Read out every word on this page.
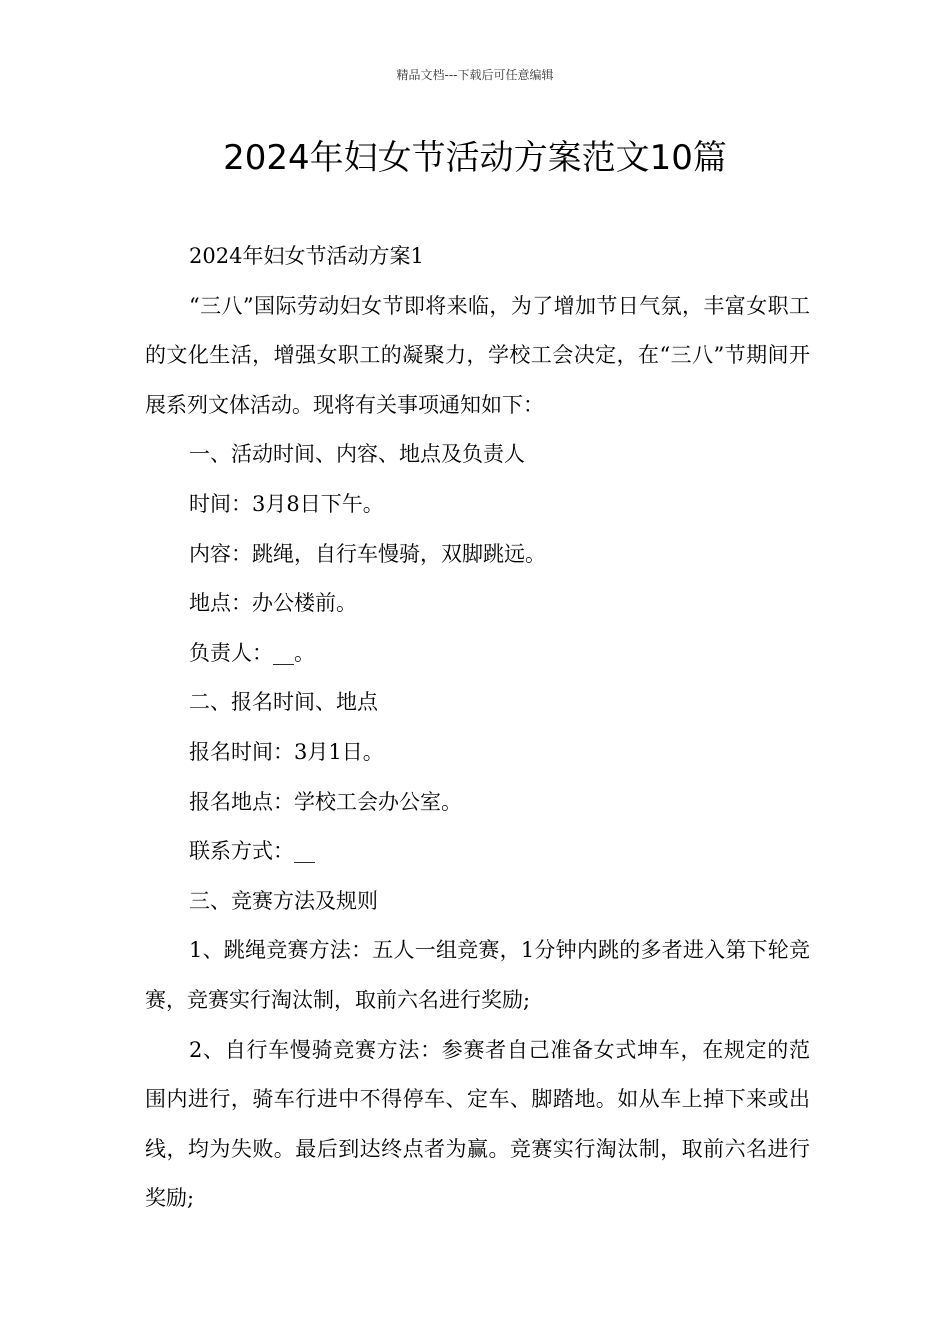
精品文档---下载后可任意编辑
2024年妇女节活动方案范文10篇

2024年妇女节活动方案1

“三八”国际劳动妇女节即将来临，为了增加节日气氛，丰富女职工的文化生活，增强女职工的凝聚力，学校工会决定，在“三八”节期间开展系列文体活动。现将有关事项通知如下：

一、活动时间、内容、地点及负责人

时间：3月8日下午。

内容：跳绳，自行车慢骑，双脚跳远。

地点：办公楼前。

负责人：__。

二、报名时间、地点

报名时间：3月1日。

报名地点：学校工会办公室。

联系方式：__

三、竞赛方法及规则

1、跳绳竞赛方法：五人一组竞赛，1分钟内跳的多者进入第下轮竞赛，竞赛实行淘汰制，取前六名进行奖励;

2、自行车慢骑竞赛方法：参赛者自己准备女式坤车，在规定的范围内进行，骑车行进中不得停车、定车、脚踏地。如从车上掉下来或出线，均为失败。最后到达终点者为赢。竞赛实行淘汰制，取前六名进行奖励;
